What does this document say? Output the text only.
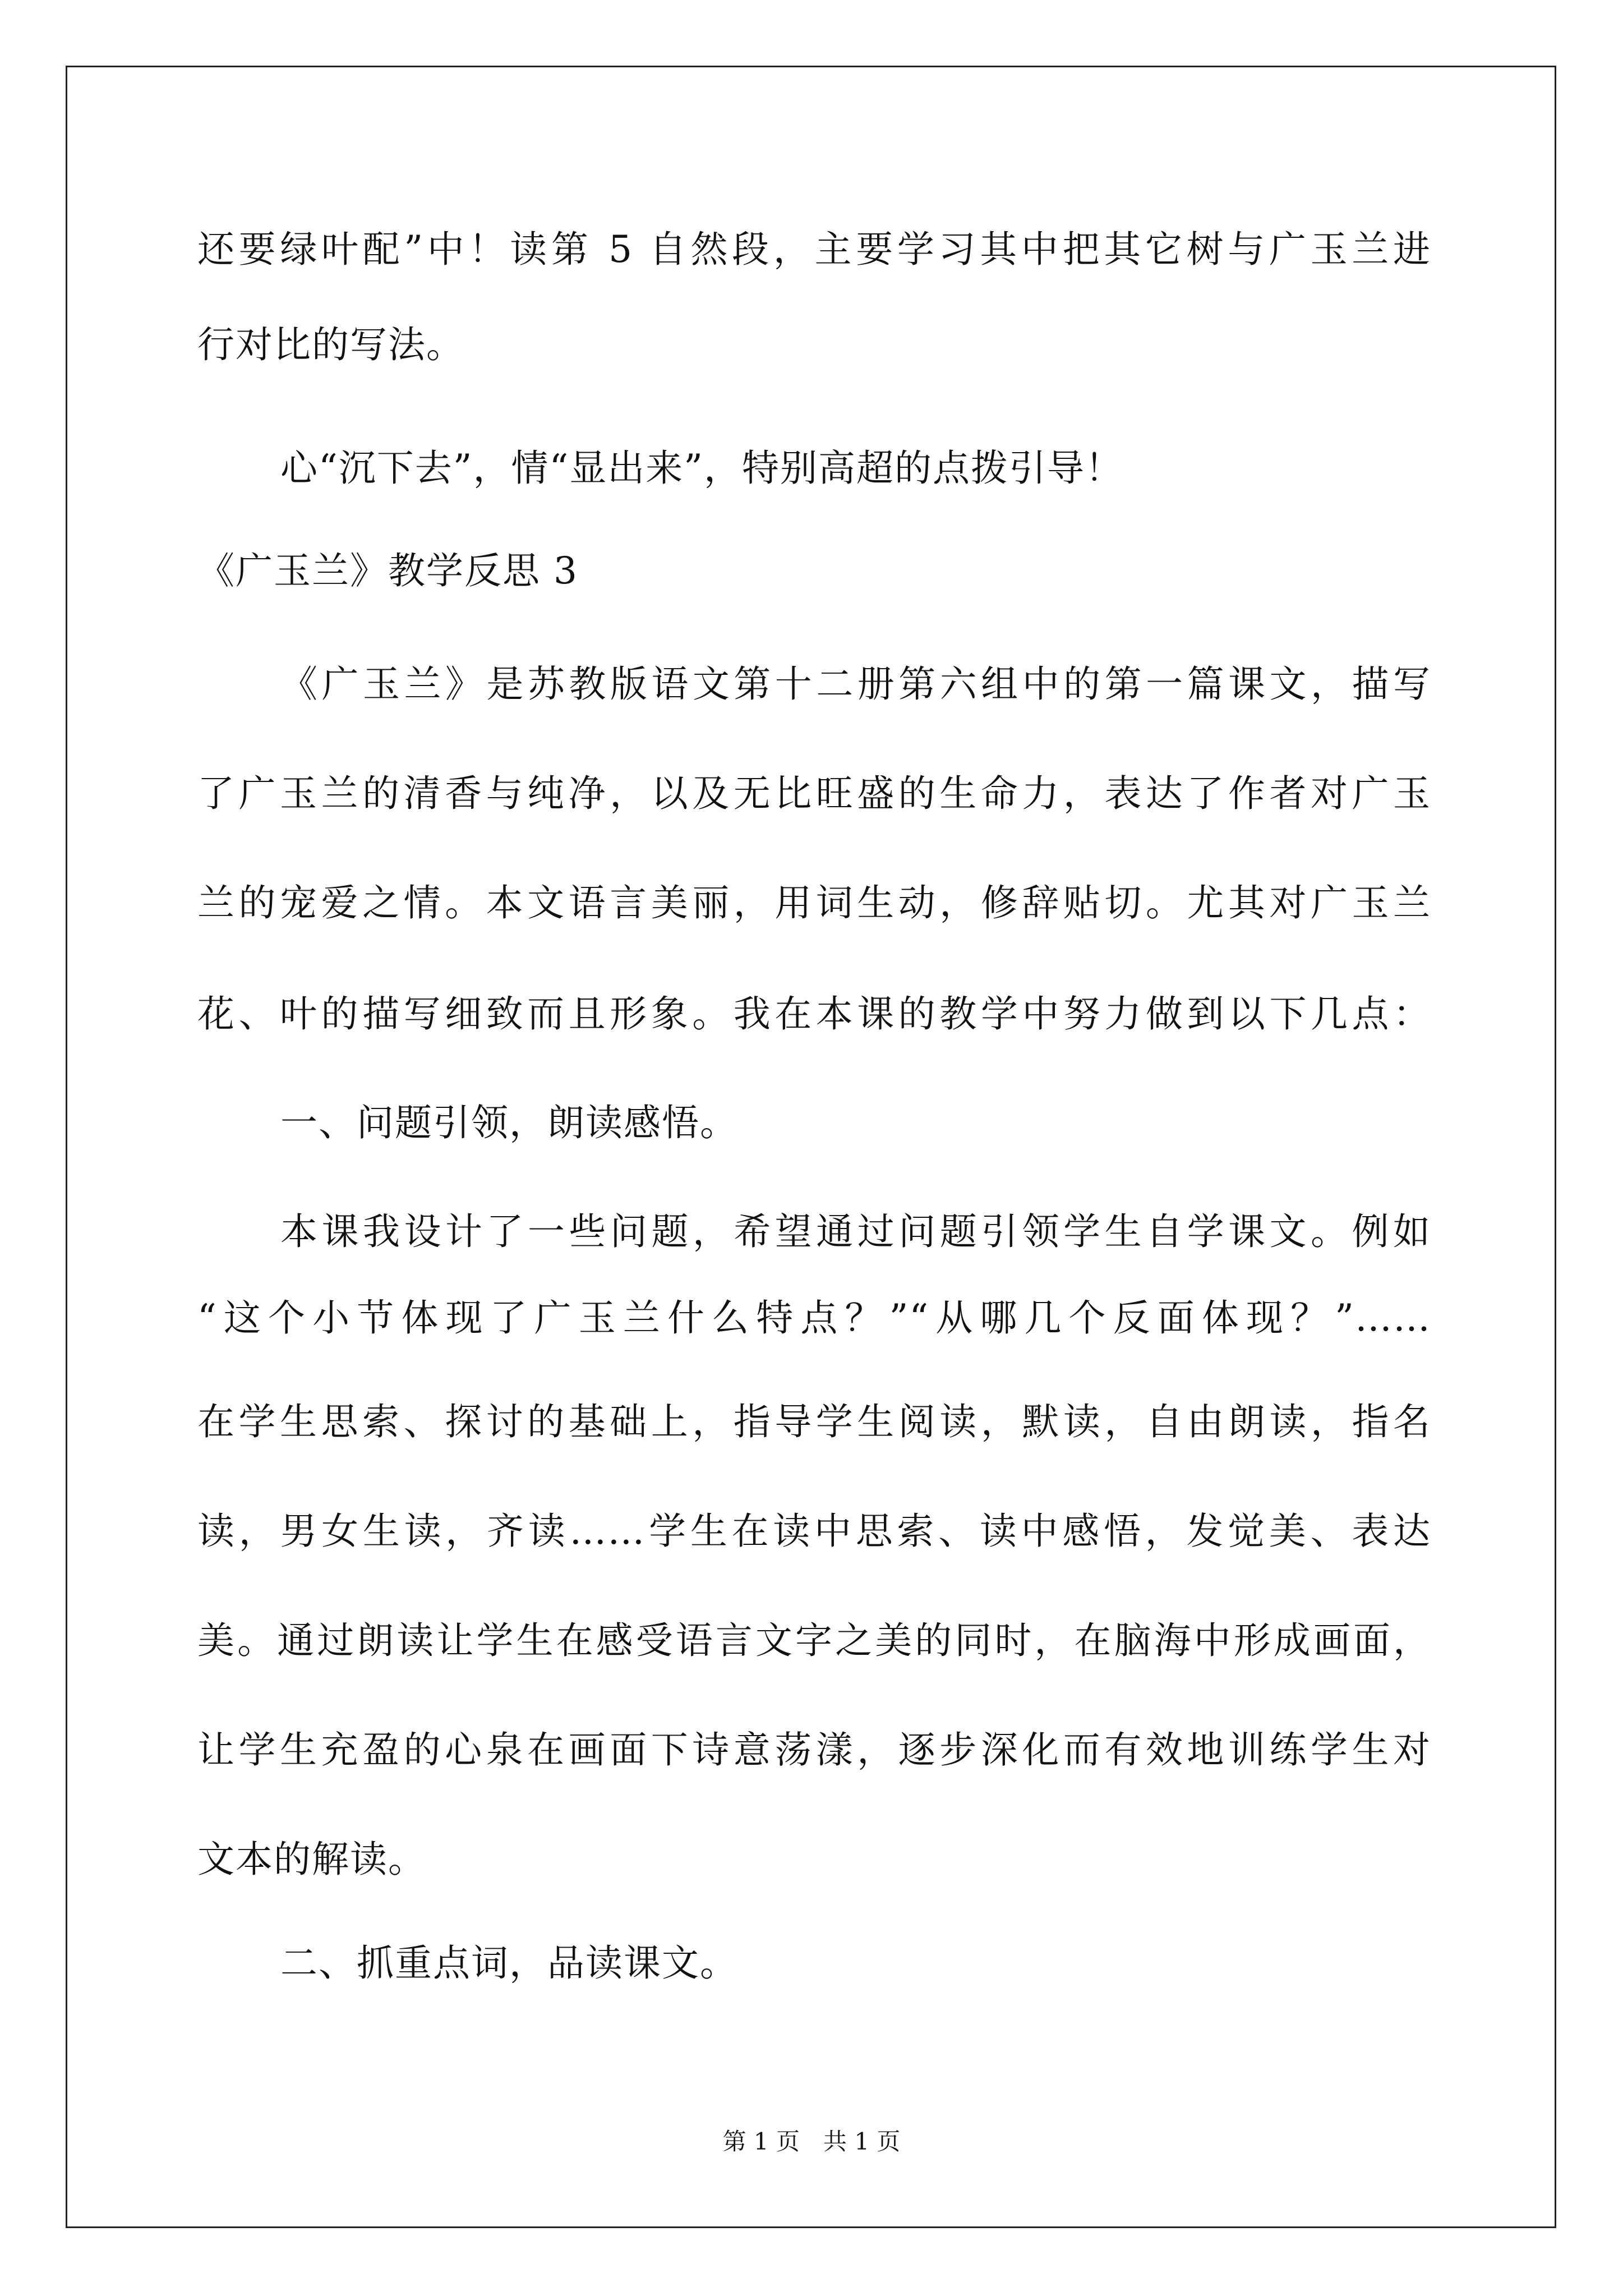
还要绿叶配”中！读第 5 自然段，主要学习其中把其它树与广玉兰进
行对比的写法。
心“沉下去”，情“显出来”，特别高超的点拨引导！
《广玉兰》教学反思 3
《广玉兰》是苏教版语文第十二册第六组中的第一篇课文，描写
了广玉兰的清香与纯净，以及无比旺盛的生命力，表达了作者对广玉
兰的宠爱之情。本文语言美丽，用词生动，修辞贴切。尤其对广玉兰
花、叶的描写细致而且形象。我在本课的教学中努力做到以下几点：
一、问题引领，朗读感悟。
本课我设计了一些问题，希望通过问题引领学生自学课文。例如
“这个小节体现了广玉兰什么特点？”“从哪几个反面体现？”……
在学生思索、探讨的基础上，指导学生阅读，默读，自由朗读，指名
读，男女生读，齐读……学生在读中思索、读中感悟，发觉美、表达
美。通过朗读让学生在感受语言文字之美的同时，在脑海中形成画面，
让学生充盈的心泉在画面下诗意荡漾，逐步深化而有效地训练学生对
文本的解读。
二、抓重点词，品读课文。
第 1 页　共 1 页
